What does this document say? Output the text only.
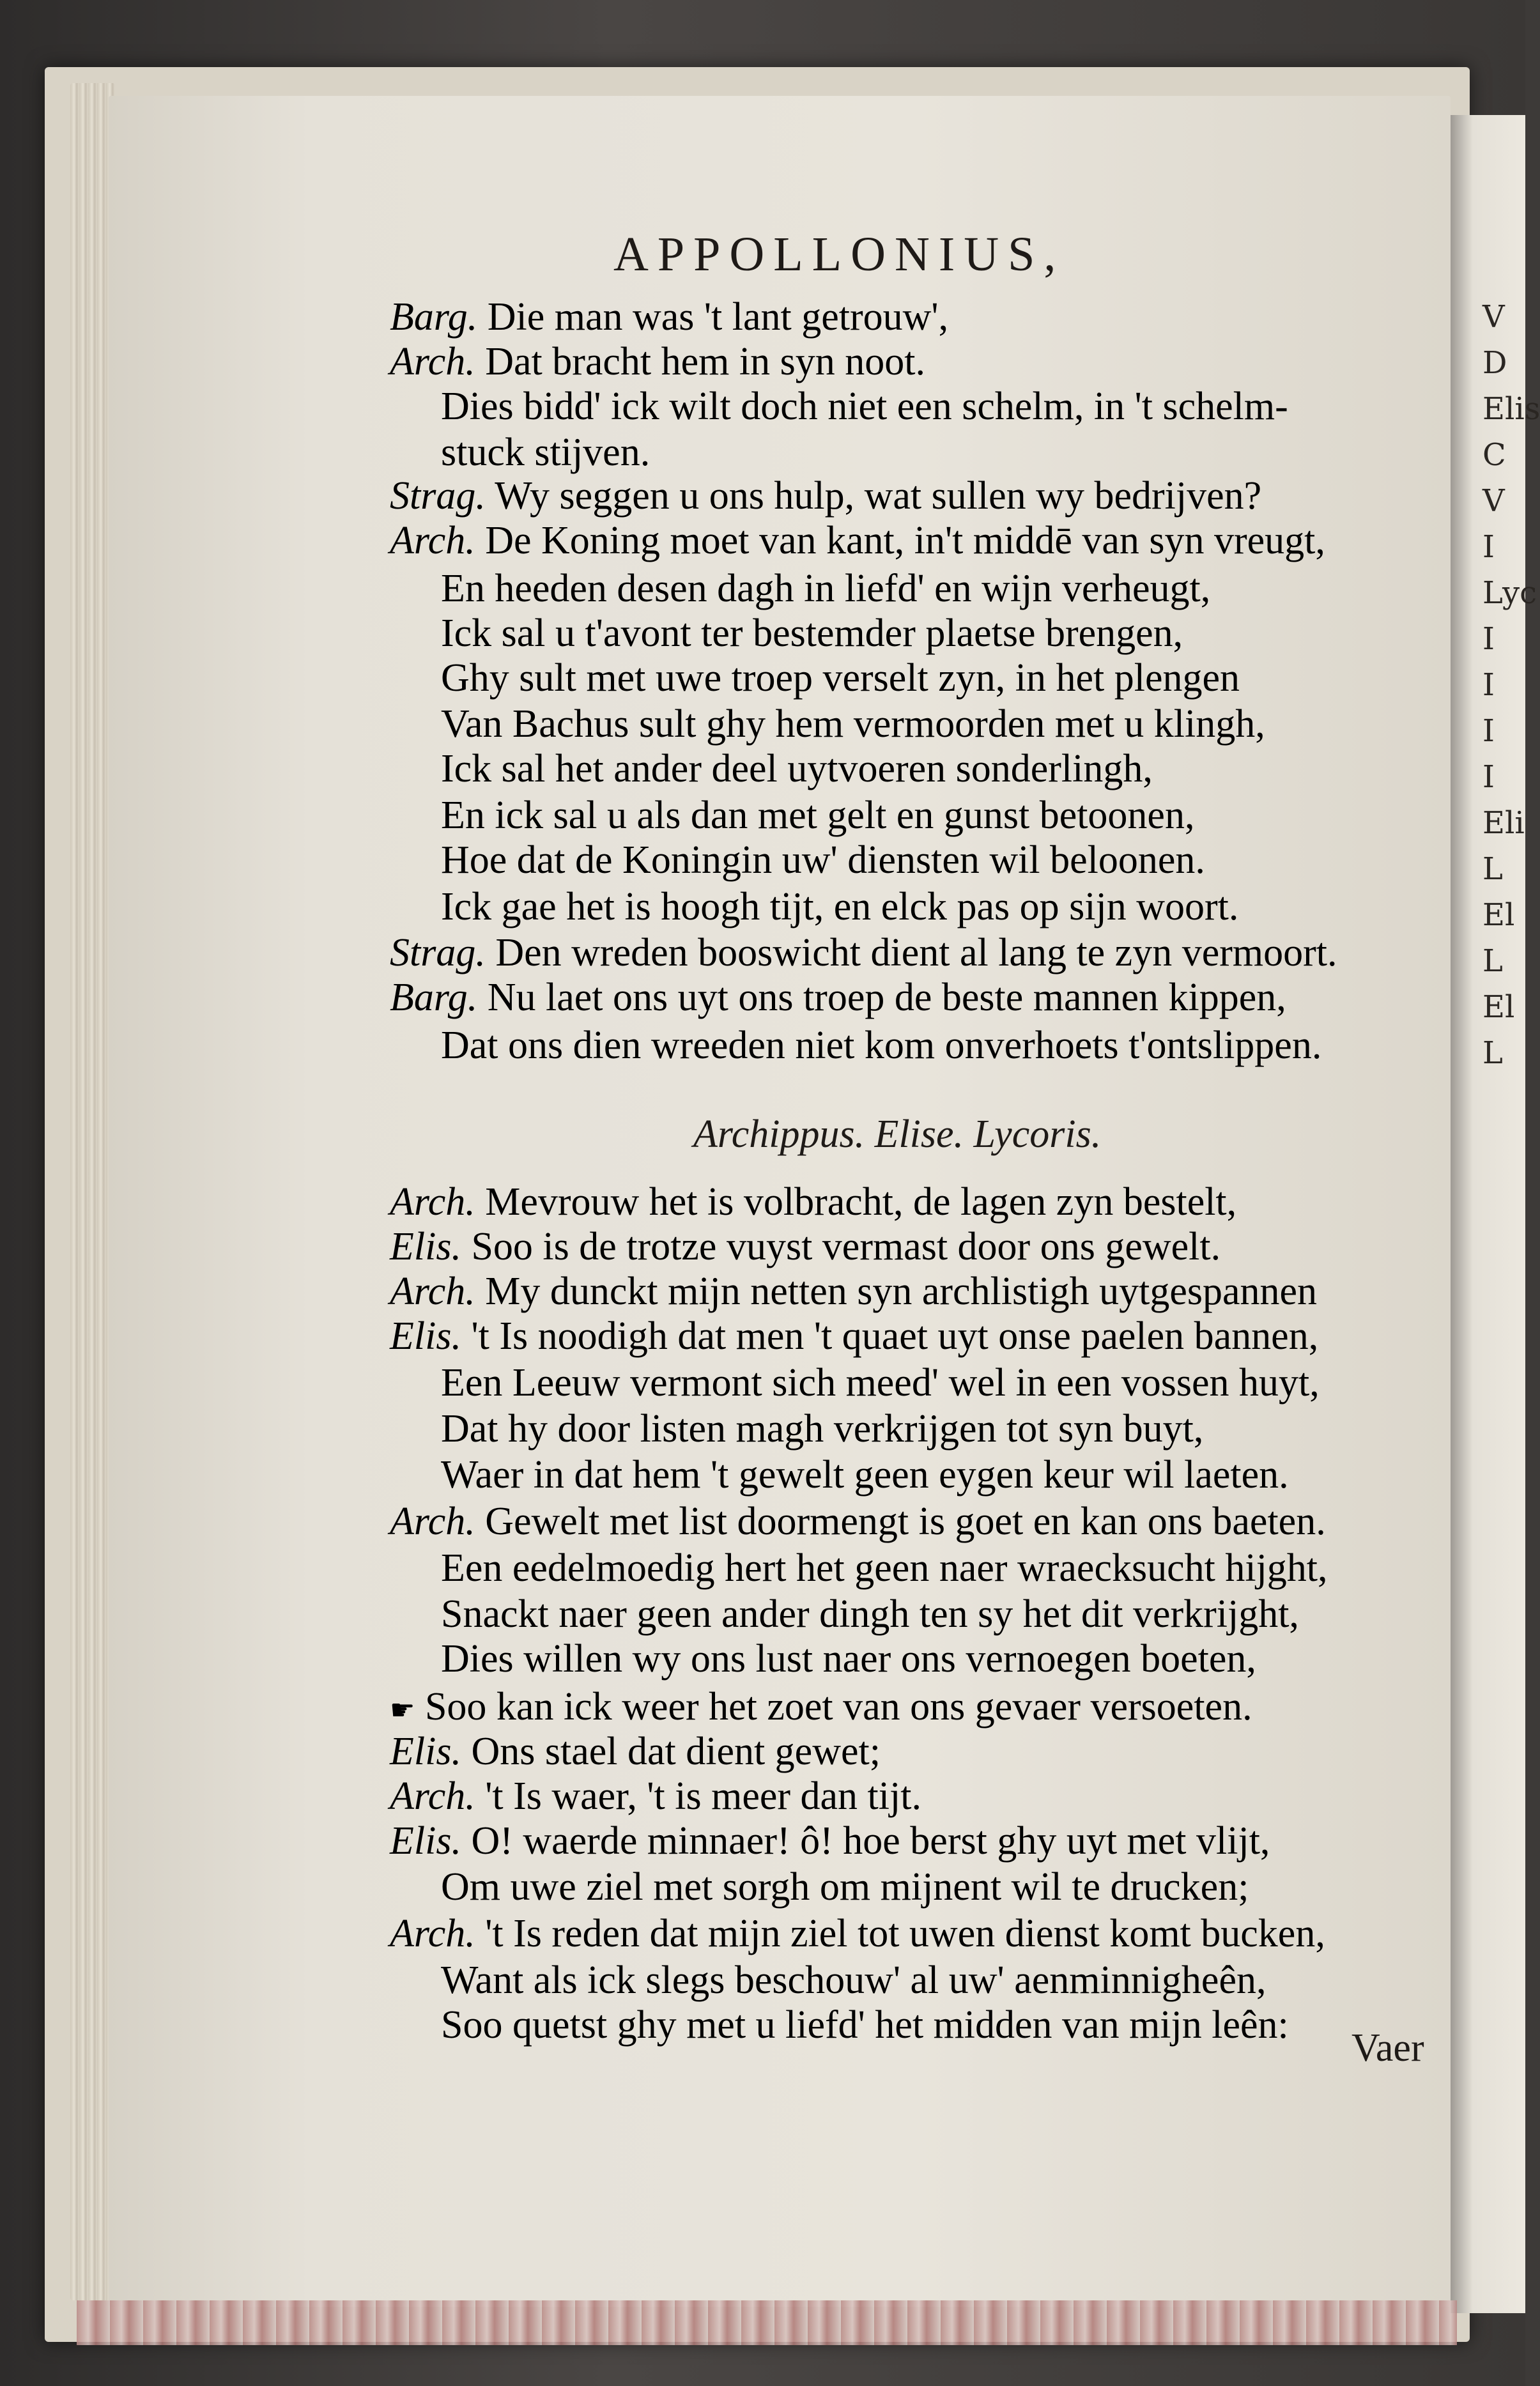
V
D
Elis
C
V
I
Lyc
I
I
I
I
Eli
L
El
L
El
L
APPOLLONIUS,
Barg. Die man was 't lant getrouw',
Arch. Dat bracht hem in syn noot.
Dies bidd' ick wilt doch niet een schelm, in 't schelm-
stuck stijven.
Strag. Wy seggen u ons hulp, wat sullen wy bedrijven?
Arch. De Koning moet van kant, in't middē van syn vreugt,
En heeden desen dagh in liefd' en wijn verheugt,
Ick sal u t'avont ter bestemder plaetse brengen,
Ghy sult met uwe troep verselt zyn, in het plengen
Van Bachus sult ghy hem vermoorden met u klingh,
Ick sal het ander deel uytvoeren sonderlingh,
En ick sal u als dan met gelt en gunst betoonen,
Hoe dat de Koningin uw' diensten wil beloonen.
Ick gae het is hoogh tijt, en elck pas op sijn woort.
Strag. Den wreden booswicht dient al lang te zyn vermoort.
Barg. Nu laet ons uyt ons troep de beste mannen kippen,
Dat ons dien wreeden niet kom onverhoets t'ontslippen.
Arch. Mevrouw het is volbracht, de lagen zyn bestelt,
Elis. Soo is de trotze vuyst vermast door ons gewelt.
Arch. My dunckt mijn netten syn archlistigh uytgespannen
Elis. 't Is noodigh dat men 't quaet uyt onse paelen bannen,
Een Leeuw vermont sich meed' wel in een vossen huyt,
Dat hy door listen magh verkrijgen tot syn buyt,
Waer in dat hem 't gewelt geen eygen keur wil laeten.
Arch. Gewelt met list doormengt is goet en kan ons baeten.
Een eedelmoedig hert het geen naer wraecksucht hijght,
Snackt naer geen ander dingh ten sy het dit verkrijght,
Dies willen wy ons lust naer ons vernoegen boeten,
☛ Soo kan ick weer het zoet van ons gevaer versoeten.
Elis. Ons stael dat dient gewet;
Arch. 't Is waer, 't is meer dan tijt.
Elis. O! waerde minnaer! ô! hoe berst ghy uyt met vlijt,
Om uwe ziel met sorgh om mijnent wil te drucken;
Arch. 't Is reden dat mijn ziel tot uwen dienst komt bucken,
Want als ick slegs beschouw' al uw' aenminnigheên,
Soo quetst ghy met u liefd' het midden van mijn leên:
Archippus. Elise. Lycoris.
Vaer
